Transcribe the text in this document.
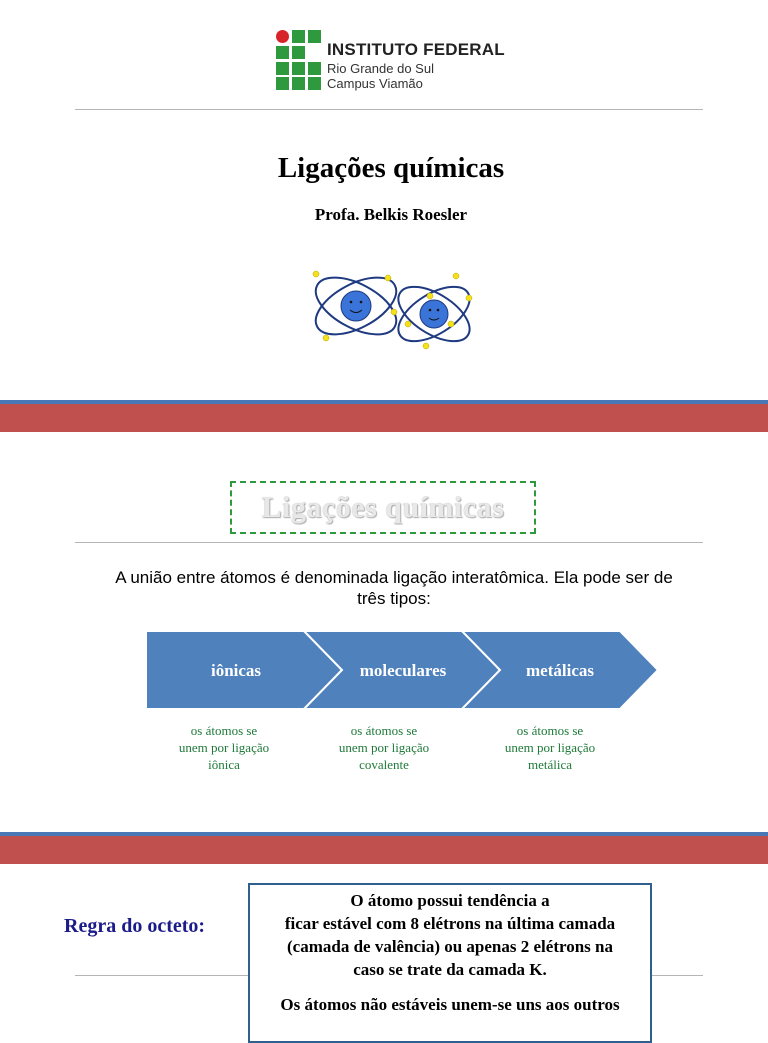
INSTITUTO FEDERAL
Rio Grande do Sul
Campus Viamão
Ligações químicas
Profa. Belkis Roesler
Ligações químicas
A união entre átomos é denominada ligação interatômica. Ela pode ser de
três tipos:
iônicas	moleculares	metálicas
os átomos se
unem por ligação
iônica
os átomos se
unem por ligação
covalente
os átomos se
unem por ligação
metálica
Regra do octeto:

O átomo possui tendência a

ficar estável com 8 elétrons na última camada

(camada de valência) ou apenas 2 elétrons na

caso se trate da camada K.

Os átomos não estáveis unem-se uns aos outros
